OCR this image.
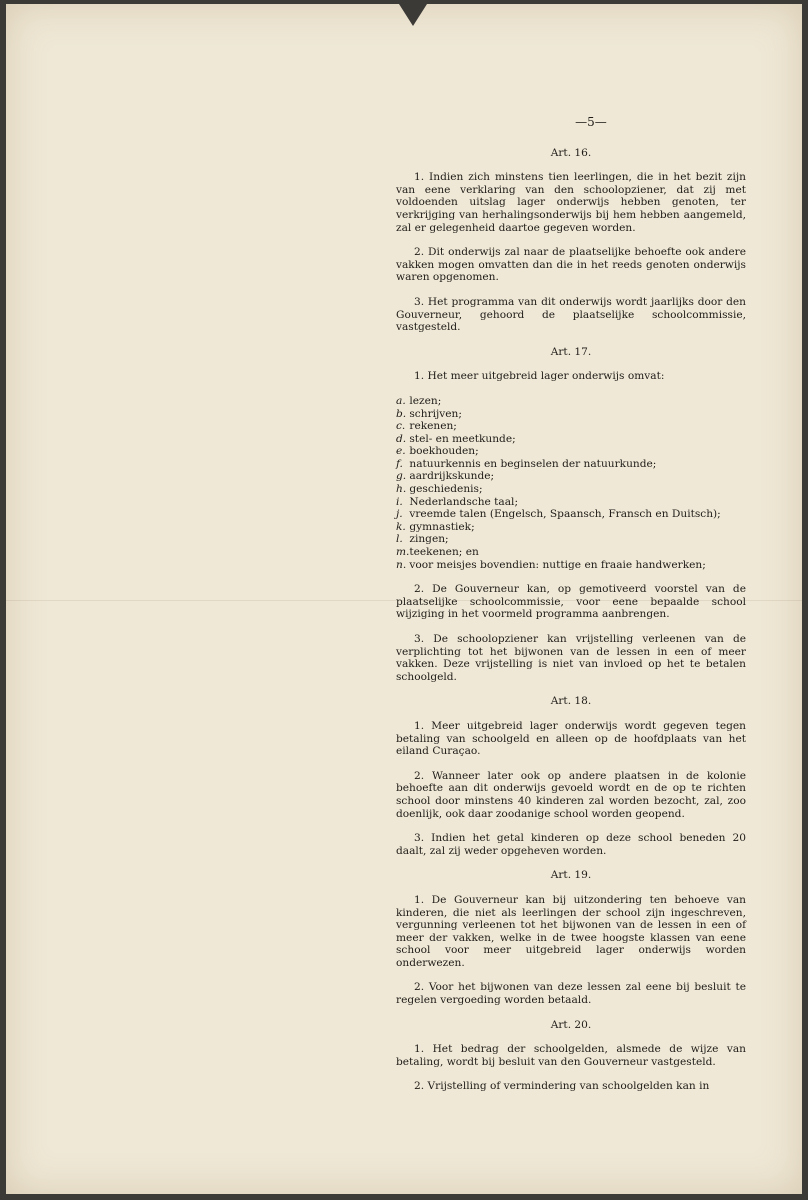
—5—
Art. 16.

1. Indien zich minstens tien leerlingen, die in het bezit zijn van eene verklaring van den schoolopziener, dat zij met voldoenden uitslag lager onderwijs hebben genoten, ter verkrijging van herhalingsonderwijs bij hem hebben aangemeld, zal er gelegenheid daartoe gegeven worden.

2. Dit onderwijs zal naar de plaatselijke behoefte ook andere vakken mogen omvatten dan die in het reeds genoten onderwijs waren opgenomen.

3. Het programma van dit onderwijs wordt jaarlijks door den Gouverneur, gehoord de plaatselijke schoolcommissie, vastgesteld.

Art. 17.

1. Het meer uitgebreid lager onderwijs omvat:

a. lezen;
b. schrijven;
c. rekenen;
d. stel- en meetkunde;
e. boekhouden;
f. natuurkennis en beginselen der natuurkunde;
g. aardrijkskunde;
h. geschiedenis;
i. Nederlandsche taal;
j. vreemde talen (Engelsch, Spaansch, Fransch en Duitsch);
k. gymnastiek;
l. zingen;
m. teekenen; en
n. voor meisjes bovendien: nuttige en fraaie handwerken;

2. De Gouverneur kan, op gemotiveerd voorstel van de plaatselijke schoolcommissie, voor eene bepaalde school wijziging in het voormeld programma aanbrengen.

3. De schoolopziener kan vrijstelling verleenen van de verplichting tot het bijwonen van de lessen in een of meer vakken. Deze vrijstelling is niet van invloed op het te betalen schoolgeld.

Art. 18.

1. Meer uitgebreid lager onderwijs wordt gegeven tegen betaling van schoolgeld en alleen op de hoofdplaats van het eiland Curaçao.

2. Wanneer later ook op andere plaatsen in de kolonie behoefte aan dit onderwijs gevoeld wordt en de op te richten school door minstens 40 kinderen zal worden bezocht, zal, zoo doenlijk, ook daar zoodanige school worden geopend.

3. Indien het getal kinderen op deze school beneden 20 daalt, zal zij weder opgeheven worden.

Art. 19.

1. De Gouverneur kan bij uitzondering ten behoeve van kinderen, die niet als leerlingen der school zijn ingeschreven, vergunning verleenen tot het bijwonen van de lessen in een of meer der vakken, welke in de twee hoogste klassen van eene school voor meer uitgebreid lager onderwijs worden onderwezen.

2. Voor het bijwonen van deze lessen zal eene bij besluit te regelen vergoeding worden betaald.

Art. 20.

1. Het bedrag der schoolgelden, alsmede de wijze van betaling, wordt bij besluit van den Gouverneur vastgesteld.

2. Vrijstelling of vermindering van schoolgelden kan in
